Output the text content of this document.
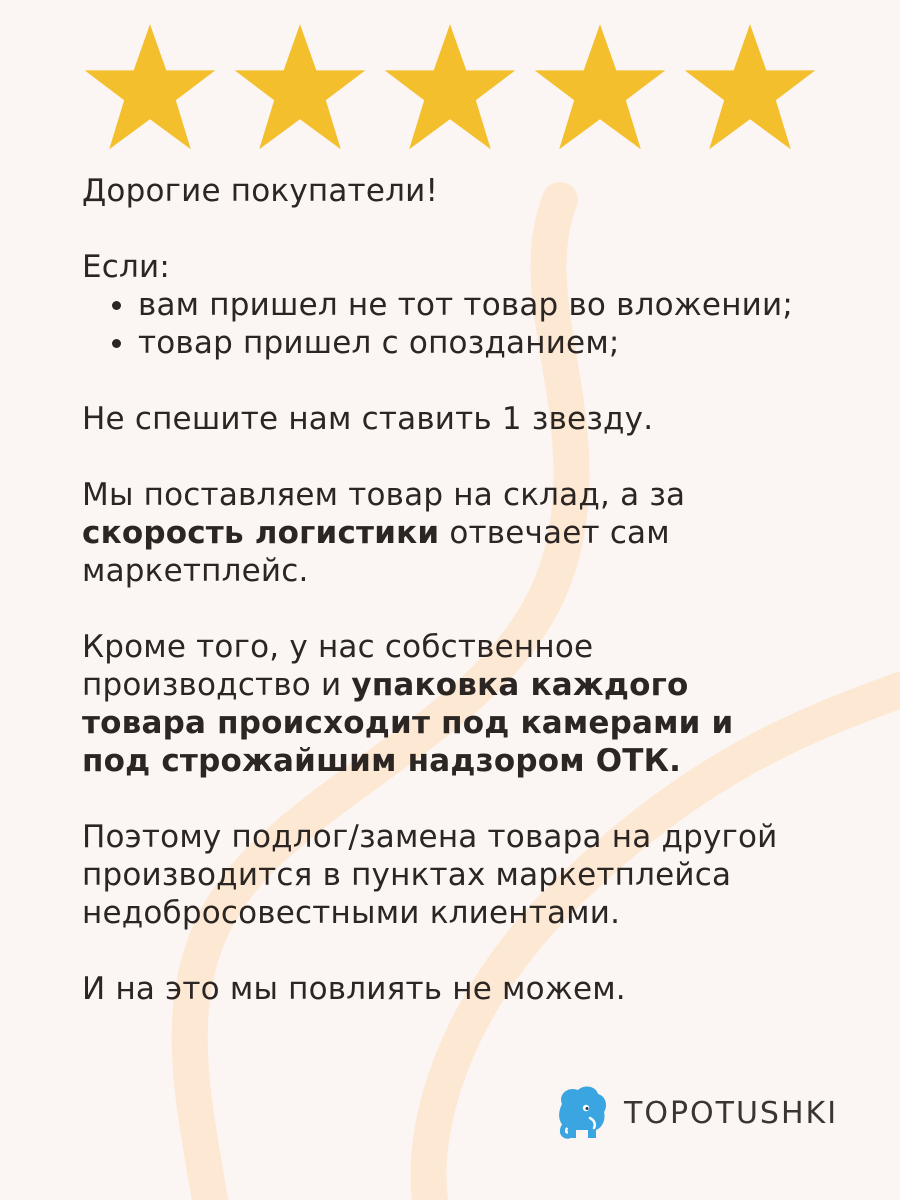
Дорогие покупатели!

Если:

вам пришел не тот товар во вложении;
товар пришел с опозданием;

Не спешите нам ставить 1 звезду.

Мы поставляем товар на склад, а за скорость логистики отвечает сам маркетплейс.

Кроме того, у нас собственное производство и упаковка каждого товара происходит под камерами и под строжайшим надзором ОТК.

Поэтому подлог/замена товара на другой производится в пунктах маркетплейса недобросовестными клиентами.

И на это мы повлиять не можем.

TOPOTUSHKI
